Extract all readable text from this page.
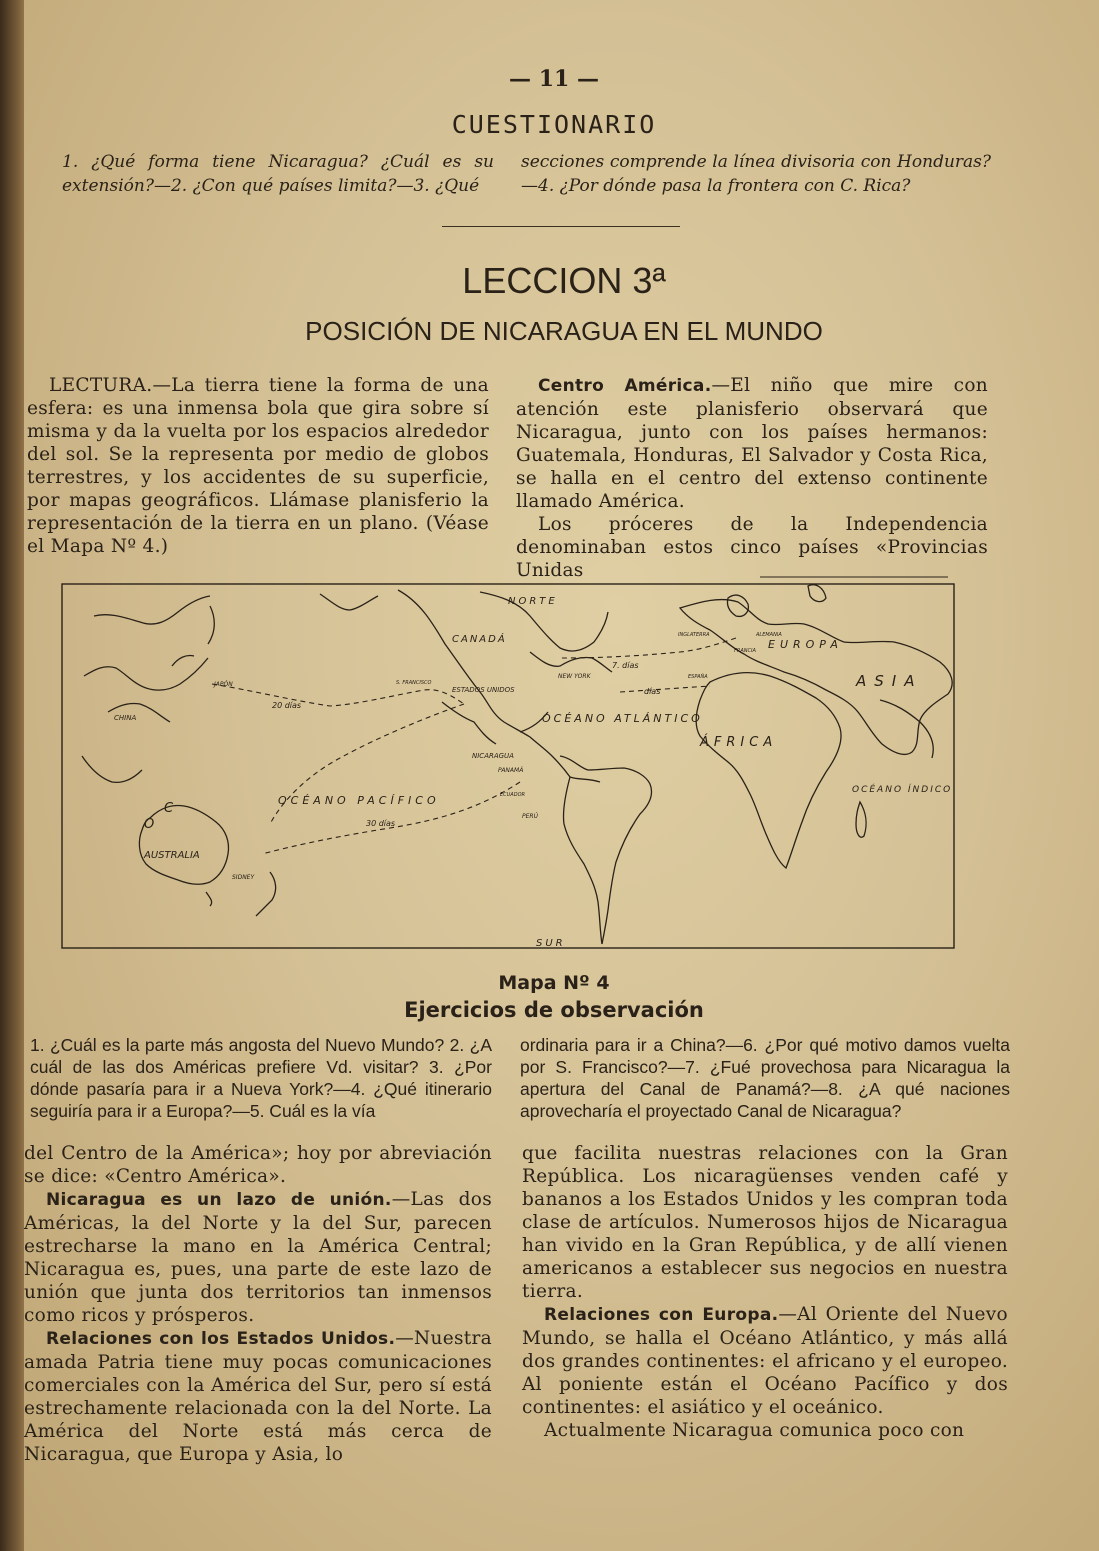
— 11 —
CUESTIONARIO
1. ¿Qué forma tiene Nicaragua? ¿Cuál es su extensión?—2. ¿Con qué países limita?—3. ¿Qué
secciones comprende la línea divisoria con Honduras?—4. ¿Por dónde pasa la frontera con C. Rica?
LECCION 3ª
POSICIÓN DE NICARAGUA EN EL MUNDO
LECTURA.—La tierra tiene la forma de una esfera: es una inmensa bola que gira sobre sí misma y da la vuelta por los espacios alrededor del sol. Se la representa por medio de globos terrestres, y los accidentes de su superficie, por mapas geográficos. Llámase planisferio la representación de la tierra en un plano. (Véase el Mapa Nº 4.)
Centro América.—El niño que mire con atención este planisferio observará que Nicaragua, junto con los países hermanos: Guatemala, Honduras, El Salvador y Costa Rica, se halla en el centro del extenso continente llamado América.
Los próceres de la Independencia denominaban estos cinco países «Provincias Unidas
NORTE
SUR
CANADÁ
ESTADOS UNIDOS
NEW YORK
S. FRANCISCO
JAPÓN
CHINA
AUSTRALIA
SIDNEY
NICARAGUA
PANAMÁ
ECUADOR
PERÚ
OCÉANO PACÍFICO
OCÉANO ATLÁNTICO
OCÉANO ÍNDICO
ÁFRICA
ASIA
EUROPA
INGLATERRA	ALEMANIA
FRANCIA
ESPAÑA
7. días
20 días
30 días
días
O
C
Mapa Nº 4
Ejercicios de observación
1. ¿Cuál es la parte más angosta del Nuevo Mundo? 2. ¿A cuál de las dos Américas prefiere Vd. visitar? 3. ¿Por dónde pasaría para ir a Nueva York?—4. ¿Qué itinerario seguiría para ir a Europa?—5. Cuál es la vía
ordinaria para ir a China?—6. ¿Por qué motivo damos vuelta por S. Francisco?—7. ¿Fué provechosa para Nicaragua la apertura del Canal de Panamá?—8. ¿A qué naciones aprovecharía el proyectado Canal de Nicaragua?

del Centro de la América»; hoy por abreviación se dice: «Centro América».

Nicaragua es un lazo de unión.—Las dos Américas, la del Norte y la del Sur, parecen estrecharse la mano en la América Central; Nicaragua es, pues, una parte de este lazo de unión que junta dos territorios tan inmensos como ricos y prósperos.

Relaciones con los Estados Unidos.—Nuestra amada Patria tiene muy pocas comunicaciones comerciales con la América del Sur, pero sí está estrechamente relacionada con la del Norte. La América del Norte está más cerca de Nicaragua, que Europa y Asia, lo

que facilita nuestras relaciones con la Gran República. Los nicaragüenses venden café y bananos a los Estados Unidos y les compran toda clase de artículos. Numerosos hijos de Nicaragua han vivido en la Gran República, y de allí vienen americanos a establecer sus negocios en nuestra tierra.

Relaciones con Europa.—Al Oriente del Nuevo Mundo, se halla el Océano Atlántico, y más allá dos grandes continentes: el africano y el europeo. Al poniente están el Océano Pacífico y dos continentes: el asiático y el oceánico.

Actualmente Nicaragua comunica poco con
